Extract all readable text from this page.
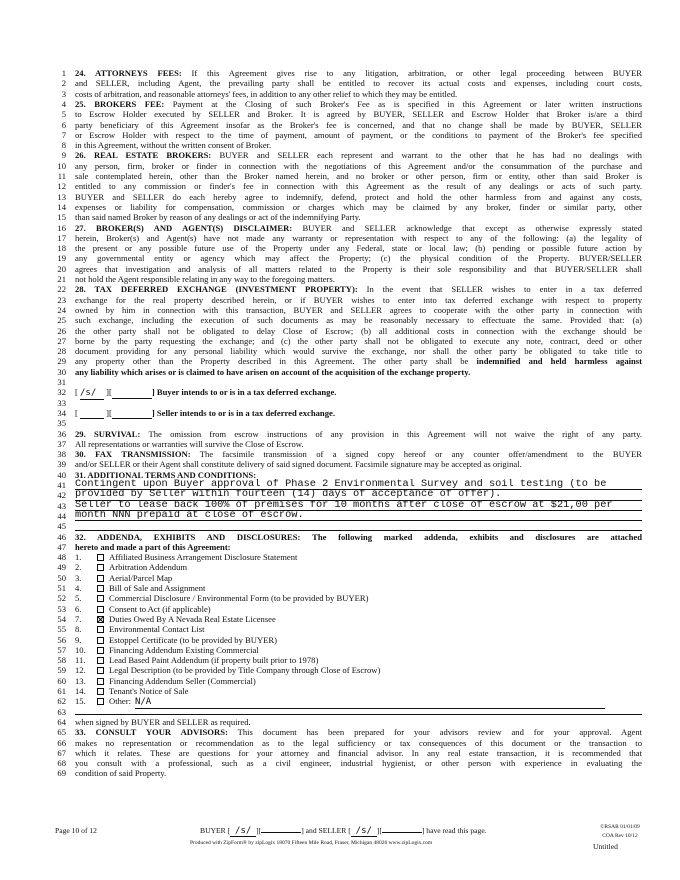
1 24. ATTORNEYS FEES: If this Agreement gives rise to any litigation, arbitration, or other legal proceeding between BUYER
2 and SELLER, including Agent, the prevailing party shall be entitled to recover its actual costs and expenses, including court costs,
3 costs of arbitration, and reasonable attorneys' fees, in addition to any other relief to which they may be entitled.
4 25. BROKERS FEE: Payment at the Closing of such Broker's Fee as is specified in this Agreement or later written instructions
5 to Escrow Holder executed by SELLER and Broker. It is agreed by BUYER, SELLER and Escrow Holder that Broker is/are a third
6 party beneficiary of this Agreement insofar as the Broker's fee is concerned, and that no change shall be made by BUYER, SELLER
7 or Escrow Holder with respect to the time of payment, amount of payment, or the conditions to payment of the Broker's fee specified
8 in this Agreement, without the written consent of Broker.
9 26. REAL ESTATE BROKERS: BUYER and SELLER each represent and warrant to the other that he has had no dealings with
10 any person, firm, broker or finder in connection with the negotiations of this Agreement and/or the consummation of the purchase and
11 sale contemplated herein, other than the Broker named herein, and no broker or other person, firm or entity, other than said Broker is
12 entitled to any commission or finder's fee in connection with this Agreement as the result of any dealings or acts of such party.
13 BUYER and SELLER do each hereby agree to indemnify, defend, protect and hold the other harmless from and against any costs,
14 expenses or liability for compensation, commission or charges which may be claimed by any broker, finder or similar party, other
15 than said named Broker by reason of any dealings or act of the indemnifying Party.
16 27. BROKER(S) AND AGENT(S) DISCLAIMER: BUYER and SELLER acknowledge that except as otherwise expressly stated
17 herein, Broker(s) and Agent(s) have not made any warranty or representation with respect to any of the following: (a) the legality of
18 the present or any possible future use of the Property under any Federal, state or local law; (b) pending or possible future action by
19 any governmental entity or agency which may affect the Property; (c) the physical condition of the Property. BUYER/SELLER
20 agrees that investigation and analysis of all matters related to the Property is their sole responsibility and that BUYER/SELLER shall
21 not hold the Agent responsible relating in any way to the foregoing matters.
22 28. TAX DEFERRED EXCHANGE (INVESTMENT PROPERTY): In the event that SELLER wishes to enter in a tax deferred
23 exchange for the real property described herein, or if BUYER wishes to enter into tax deferred exchange with respect to property
24 owned by him in connection with this transaction, BUYER and SELLER agrees to cooperate with the other party in connection with
25 such exchange, including the execution of such documents as may be reasonably necessary to effectuate the same. Provided that: (a)
26 the other party shall not be obligated to delay Close of Escrow; (b) all additional costs in connection with the exchange should be
27 borne by the party requesting the exchange; and (c) the other party shall not be obligated to execute any note, contract, deed or other
28 document providing for any personal liability which would survive the exchange, nor shall the other party be obligated to take title to
29 any property other than the Property described in this Agreement. The other party shall be indemnified and held harmless against
30 any liability which arises or is claimed to have arisen on account of the acquisition of the exchange property.
31
32 [ /s/ ][	] Buyer intends to or is in a tax deferred exchange.
33
34 [	][	] Seller intends to or is in a tax deferred exchange.
35
36 29. SURVIVAL: The omission from escrow instructions of any provision in this Agreement will not waive the right of any party.
37 All representations or warranties will survive the Close of Escrow.
38 30. FAX TRANSMISSION: The facsimile transmission of a signed copy hereof or any counter offer/amendment to the BUYER
39 and/or SELLER or their Agent shall constitute delivery of said signed document. Facsimile signature may be accepted as original.
40 31. ADDITIONAL TERMS AND CONDITIONS:
41 Contingent upon Buyer approval of Phase 2 Environmental Survey and soil testing (to be
42 provided by Seller within fourteen (14) days of acceptance of offer).
43 Seller to lease back 100% of premises for 10 months after close of escrow at $21,00 per
44 month NNN prepaid at close of escrow.
45
46 32. ADDENDA, EXHIBITS AND DISCLOSURES: The following marked addenda, exhibits and disclosures are attached
47 hereto and made a part of this Agreement:
48 1.	Affiliated Business Arrangement Disclosure Statement
49 2.	Arbitration Addendum
50 3.	Aerial/Parcel Map
51 4.	Bill of Sale and Assignment
52 5.	Commercial Disclosure / Environmental Form (to be provided by BUYER)
53 6.	Consent to Act (if applicable)
54 7.	Duties Owed By A Nevada Real Estate Licensee
55 8.	Environmental Contact List
56 9.	Estoppel Certificate (to be provided by BUYER)
57 10.	Financing Addendum Existing Commercial
58 11.	Lead Based Paint Addendum (if property built prior to 1978)
59 12.	Legal Description (to be provided by Title Company through Close of Escrow)
60 13.	Financing Addendum Seller (Commercial)
61 14.	Tenant's Notice of Sale
62 15.	Other: N/A
63
64 when signed by BUYER and SELLER as required.
65 33. CONSULT YOUR ADVISORS: This document has been prepared for your advisors review and for your approval. Agent
66 makes no representation or recommendation as to the legal sufficiency or tax consequences of this document or the transaction to
67 which it relates. These are questions for your attorney and financial advisor. In any real estate transaction, it is recommended that
68 you consult with a professional, such as a civil engineer, industrial hygienist, or other person with experience in evaluating the
69 condition of said Property.
Page 10 of 12	BUYER [ /s/ ][	] and SELLER [ /s/ ][	] have read this page.	©RSAR 01/01/09
COA Rev 10/12
Produced with ZipForm® by zipLogix 18070 Fifteen Mile Road, Fraser, Michigan 48026 www.zipLogix.com	Untitled
